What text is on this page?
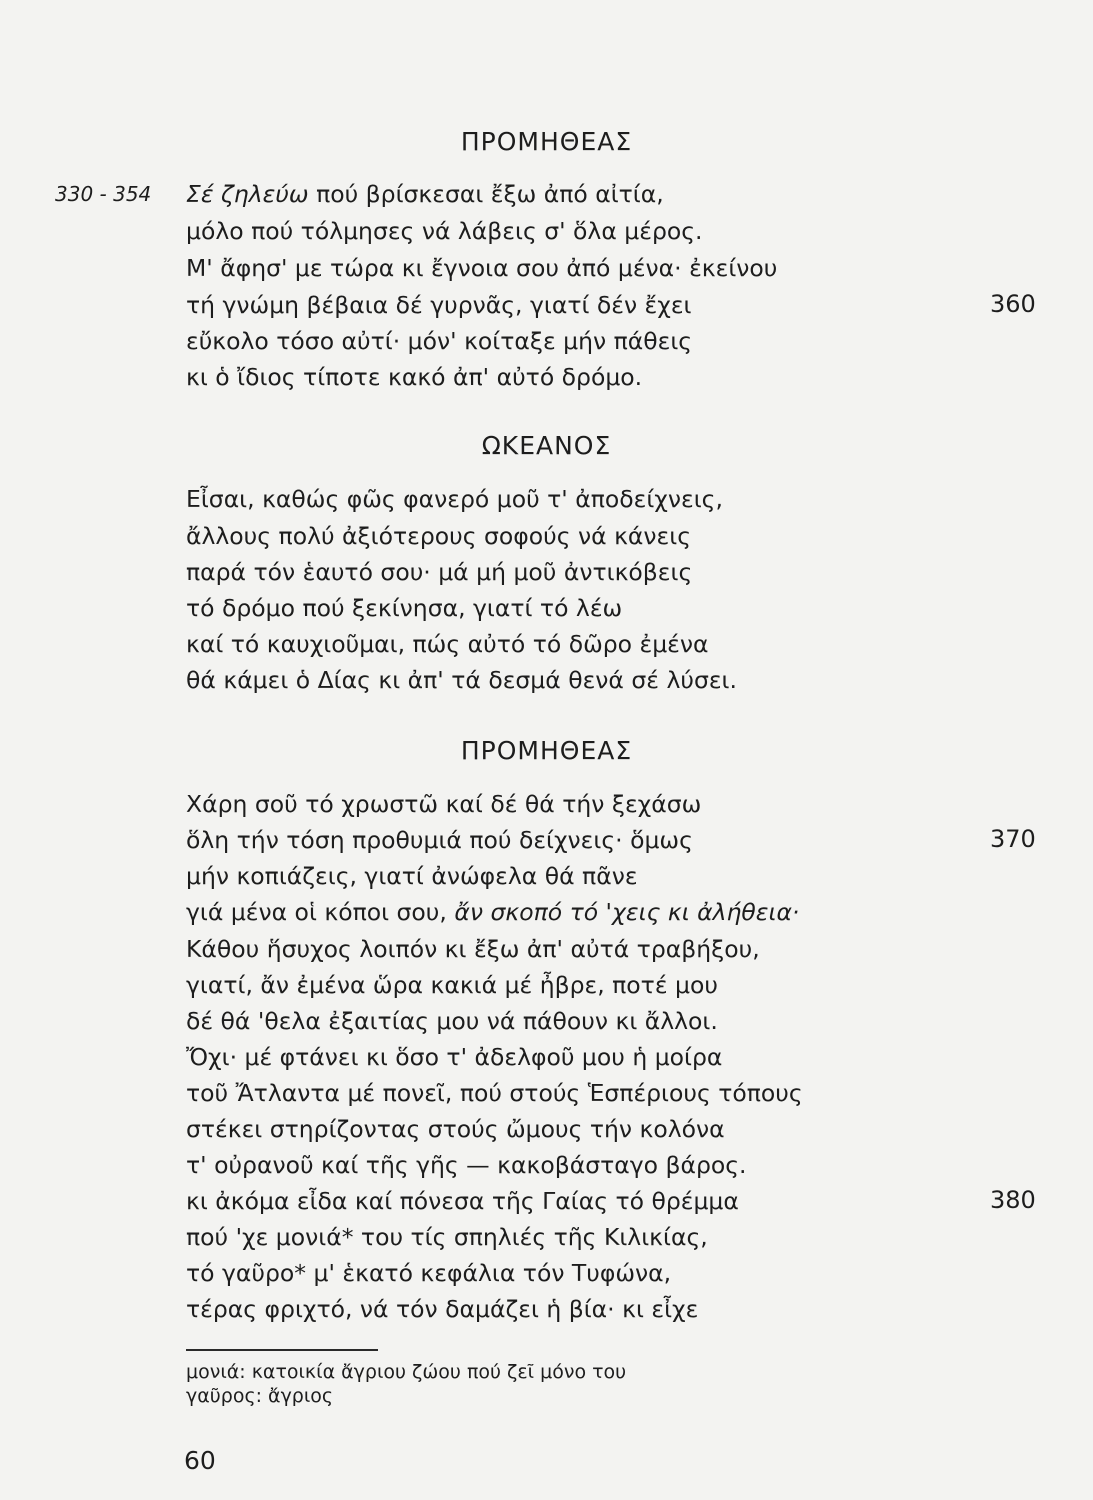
ΠΡΟΜΗΘΕΑΣ
330 - 354 Σέ ζηλεύω πού βρίσκεσαι ἔξω ἀπό αἰτία,
μόλο πού τόλμησες νά λάβεις σ' ὅλα μέρος.
Μ' ἄφησ' με τώρα κι ἔγνοια σου ἀπό μένα· ἐκείνου
τή γνώμη βέβαια δέ γυρνᾶς, γιατί δέν ἔχει	360
εὔκολο τόσο αὐτί· μόν' κοίταξε μήν πάθεις
κι ὁ ἴδιος τίποτε κακό ἀπ' αὐτό δρόμο.
ΩΚΕΑΝΟΣ
Εἶσαι, καθώς φῶς φανερό μοῦ τ' ἀποδείχνεις,
ἄλλους πολύ ἀξιότερους σοφούς νά κάνεις
παρά τόν ἑαυτό σου· μά μή μοῦ ἀντικόβεις
τό δρόμο πού ξεκίνησα, γιατί τό λέω
καί τό καυχιοῦμαι, πώς αὐτό τό δῶρο ἐμένα
θά κάμει ὁ Δίας κι ἀπ' τά δεσμά θενά σέ λύσει.
ΠΡΟΜΗΘΕΑΣ
Χάρη σοῦ τό χρωστῶ καί δέ θά τήν ξεχάσω
ὅλη τήν τόση προθυμιά πού δείχνεις· ὅμως	370
μήν κοπιάζεις, γιατί ἀνώφελα θά πᾶνε
γιά μένα οἱ κόποι σου, ἄν σκοπό τό 'χεις κι ἀλήθεια·
Κάθου ἥσυχος λοιπόν κι ἔξω ἀπ' αὐτά τραβήξου,
γιατί, ἄν ἐμένα ὥρα κακιά μέ ἦβρε, ποτέ μου
δέ θά 'θελα ἐξαιτίας μου νά πάθουν κι ἄλλοι.
Ὄχι· μέ φτάνει κι ὅσο τ' ἀδελφοῦ μου ἡ μοίρα
τοῦ Ἄτλαντα μέ πονεῖ, πού στούς Ἑσπέριους τόπους
στέκει στηρίζοντας στούς ὤμους τήν κολόνα
τ' οὐρανοῦ καί τῆς γῆς — κακοβάσταγο βάρος.
κι ἀκόμα εἶδα καί πόνεσα τῆς Γαίας τό θρέμμα	380
πού 'χε μονιά* του τίς σπηλιές τῆς Κιλικίας,
τό γαῦρο* μ' ἑκατό κεφάλια τόν Τυφώνα,
τέρας φριχτό, νά τόν δαμάζει ἡ βία· κι εἶχε
μονιά: κατοικία ἄγριου ζώου πού ζεῖ μόνο του
γαῦρος: ἄγριος
60
